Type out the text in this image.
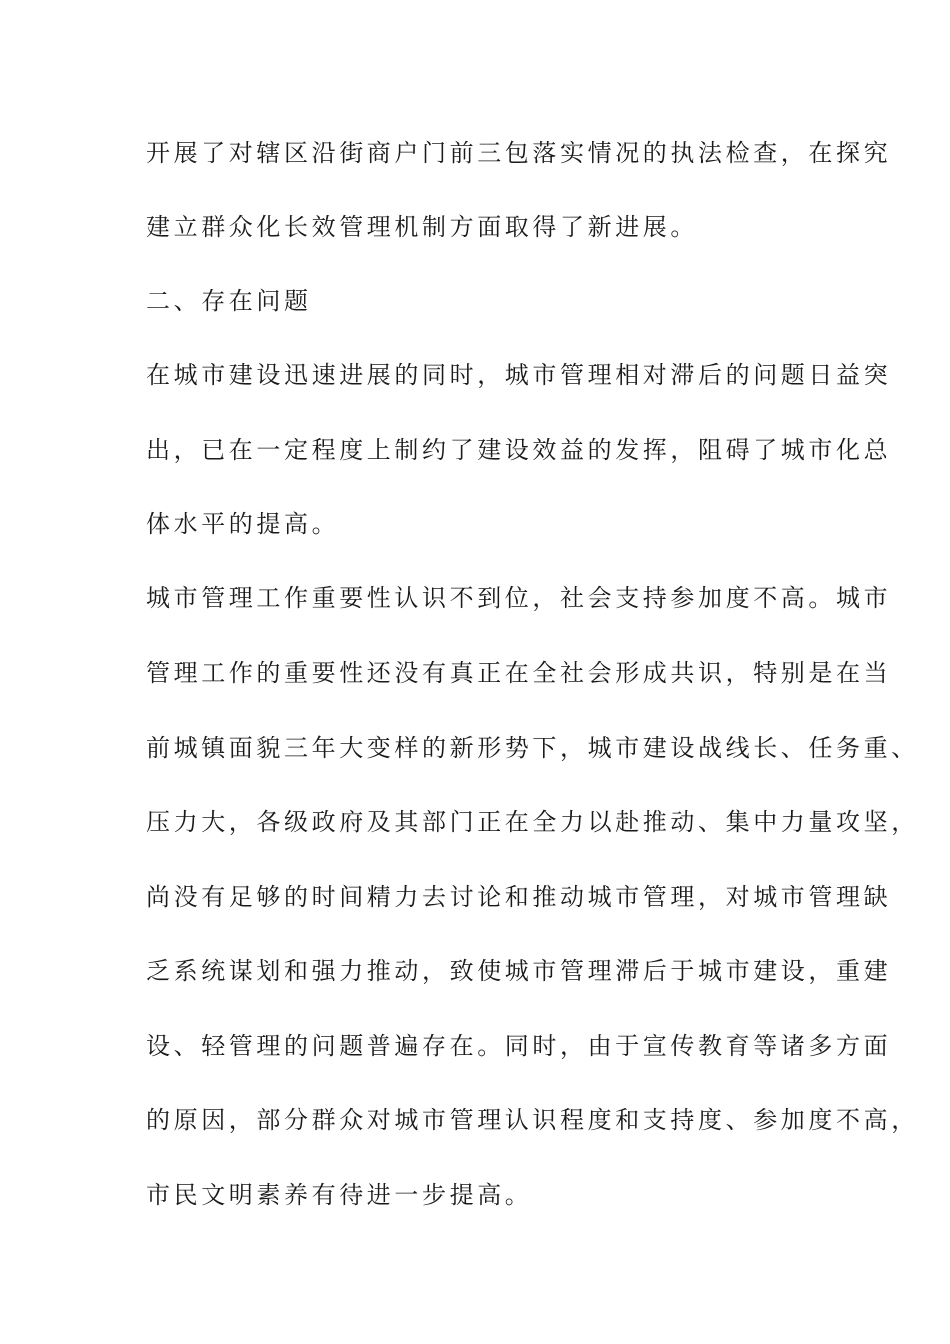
开展了对辖区沿街商户门前三包落实情况的执法检查，在探究
建立群众化长效管理机制方面取得了新进展。
二、存在问题
在城市建设迅速进展的同时，城市管理相对滞后的问题日益突
出，已在一定程度上制约了建设效益的发挥，阻碍了城市化总
体水平的提高。
城市管理工作重要性认识不到位，社会支持参加度不高。城市
管理工作的重要性还没有真正在全社会形成共识，特别是在当
前城镇面貌三年大变样的新形势下，城市建设战线长、任务重、
压力大，各级政府及其部门正在全力以赴推动、集中力量攻坚，
尚没有足够的时间精力去讨论和推动城市管理，对城市管理缺
乏系统谋划和强力推动，致使城市管理滞后于城市建设，重建
设、轻管理的问题普遍存在。同时，由于宣传教育等诸多方面
的原因，部分群众对城市管理认识程度和支持度、参加度不高，
市民文明素养有待进一步提高。
